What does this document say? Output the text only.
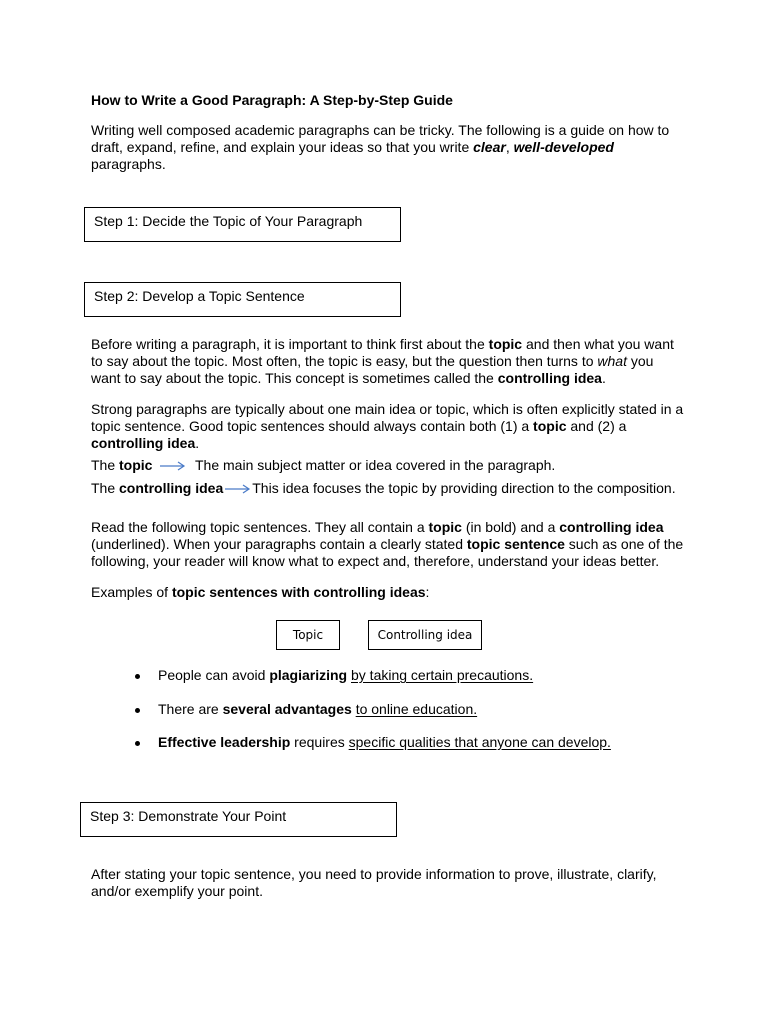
How to Write a Good Paragraph: A Step-by-Step Guide

Writing well composed academic paragraphs can be tricky. The following is a guide on how to

draft, expand, refine, and explain your ideas so that you write clear, well-developed

paragraphs.

Step 1: Decide the Topic of Your Paragraph
Step 2: Develop a Topic Sentence

Before writing a paragraph, it is important to think first about the topic and then what you want

to say about the topic. Most often, the topic is easy, but the question then turns to what you

want to say about the topic. This concept is sometimes called the controlling idea.

Strong paragraphs are typically about one main idea or topic, which is often explicitly stated in a

topic sentence. Good topic sentences should always contain both (1) a topic and (2) a

controlling idea.

The topic	The main subject matter or idea covered in the paragraph.
The controlling idea This idea focuses the topic by providing direction to the composition.

Read the following topic sentences. They all contain a topic (in bold) and a controlling idea

(underlined). When your paragraphs contain a clearly stated topic sentence such as one of the

following, your reader will know what to expect and, therefore, understand your ideas better.

Examples of topic sentences with controlling ideas:
Topic	Controlling idea
People can avoid plagiarizing by taking certain precautions.
There are several advantages to online education.
Effective leadership requires specific qualities that anyone can develop.
Step 3: Demonstrate Your Point

After stating your topic sentence, you need to provide information to prove, illustrate, clarify,

and/or exemplify your point.
